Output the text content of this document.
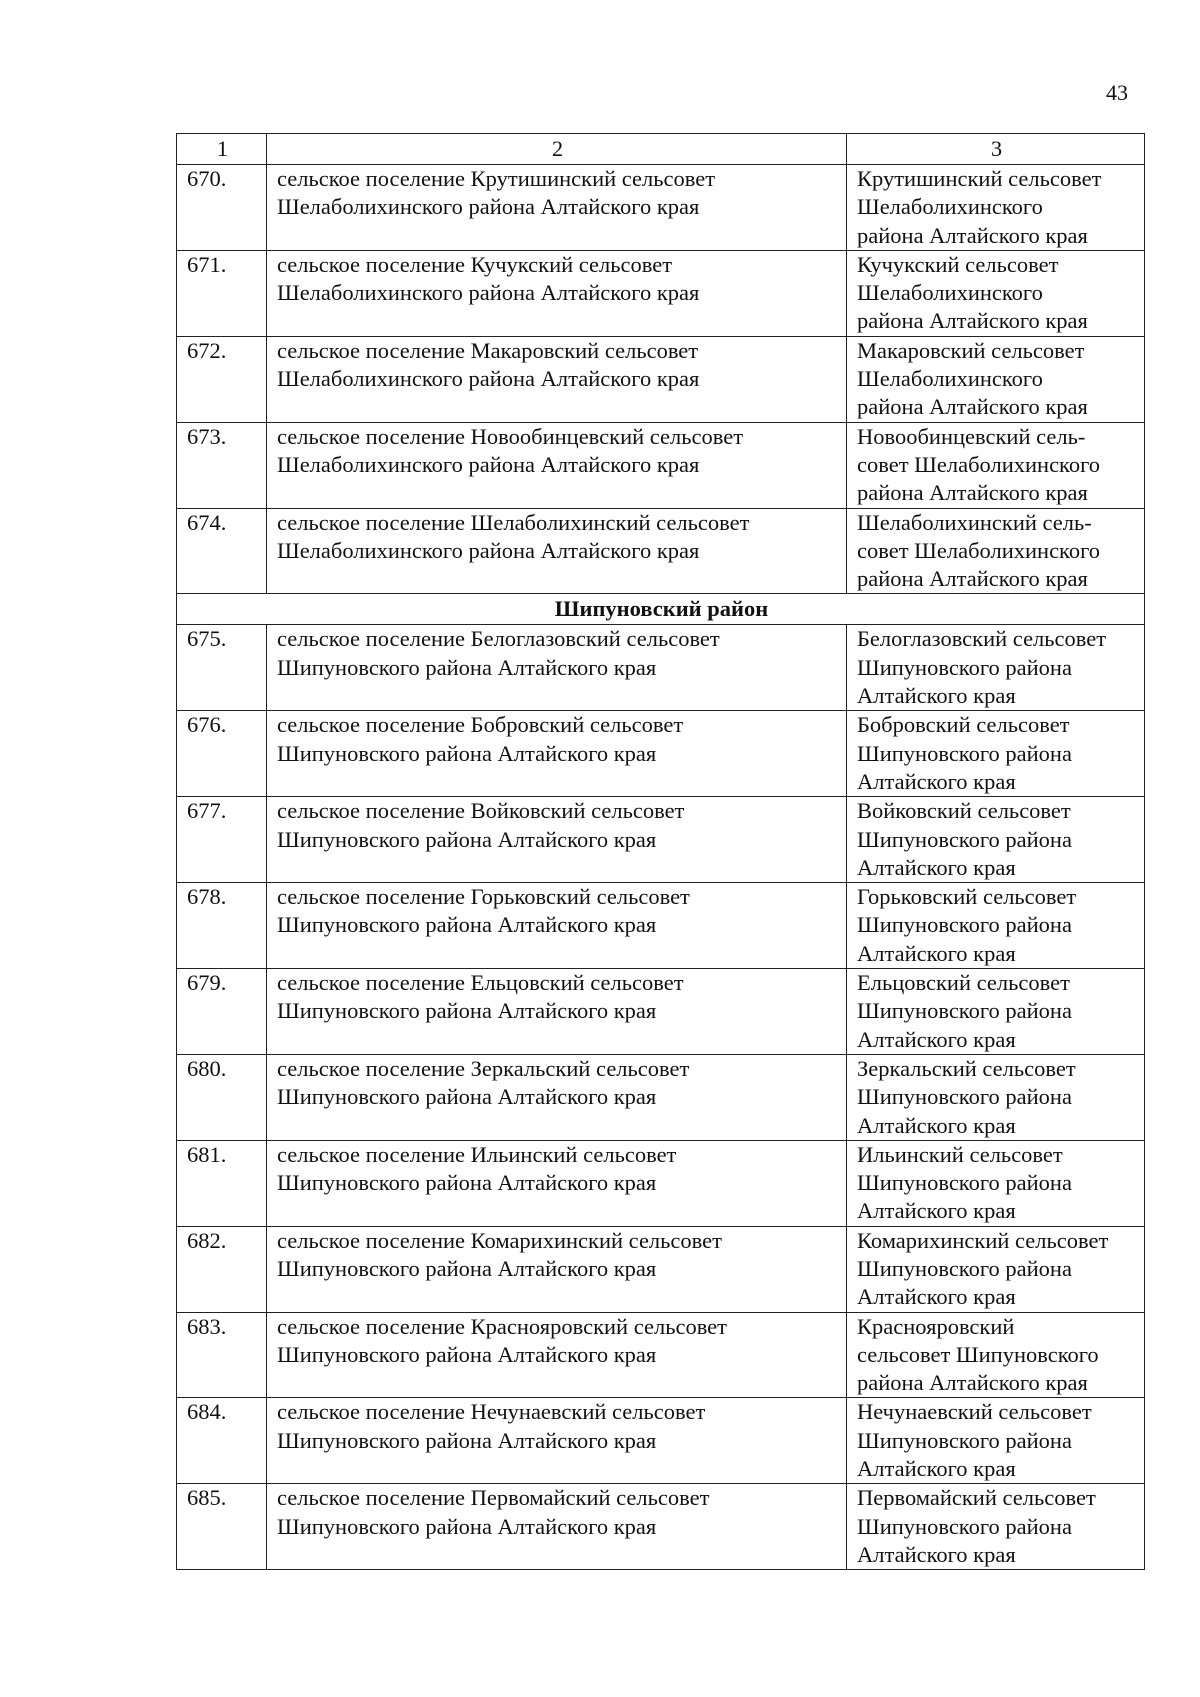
43
1	2	3
670.	сельское поселение Крутишинский сельсовет
Шелаболихинского района Алтайского края	Крутишинский сельсовет
Шелаболихинского
района Алтайского края

671.	сельское поселение Кучукский сельсовет
Шелаболихинского района Алтайского края	Кучукский сельсовет
Шелаболихинского
района Алтайского края

672.	сельское поселение Макаровский сельсовет
Шелаболихинского района Алтайского края	Макаровский сельсовет
Шелаболихинского
района Алтайского края

673.	сельское поселение Новообинцевский сельсовет
Шелаболихинского района Алтайского края	Новообинцевский сель-
совет Шелаболихинского
района Алтайского края

674.	сельское поселение Шелаболихинский сельсовет
Шелаболихинского района Алтайского края	Шелаболихинский сель-
совет Шелаболихинского
района Алтайского края

Шипуновский район		
675.	сельское поселение Белоглазовский сельсовет
Шипуновского района Алтайского края	Белоглазовский сельсовет
Шипуновского района
Алтайского края

676.	сельское поселение Бобровский сельсовет
Шипуновского района Алтайского края	Бобровский сельсовет
Шипуновского района
Алтайского края

677.	сельское поселение Войковский сельсовет
Шипуновского района Алтайского края	Войковский сельсовет
Шипуновского района
Алтайского края

678.	сельское поселение Горьковский сельсовет
Шипуновского района Алтайского края	Горьковский сельсовет
Шипуновского района
Алтайского края

679.	сельское поселение Ельцовский сельсовет
Шипуновского района Алтайского края	Ельцовский сельсовет
Шипуновского района
Алтайского края

680.	сельское поселение Зеркальский сельсовет
Шипуновского района Алтайского края	Зеркальский сельсовет
Шипуновского района
Алтайского края

681.	сельское поселение Ильинский сельсовет
Шипуновского района Алтайского края	Ильинский сельсовет
Шипуновского района
Алтайского края

682.	сельское поселение Комарихинский сельсовет
Шипуновского района Алтайского края	Комарихинский сельсовет
Шипуновского района
Алтайского края

683.	сельское поселение Краснояровский сельсовет
Шипуновского района Алтайского края	Краснояровский
сельсовет Шипуновского
района Алтайского края

684.	сельское поселение Нечунаевский сельсовет
Шипуновского района Алтайского края	Нечунаевский сельсовет
Шипуновского района
Алтайского края

685.	сельское поселение Первомайский сельсовет
Шипуновского района Алтайского края	Первомайский сельсовет
Шипуновского района
Алтайского края
